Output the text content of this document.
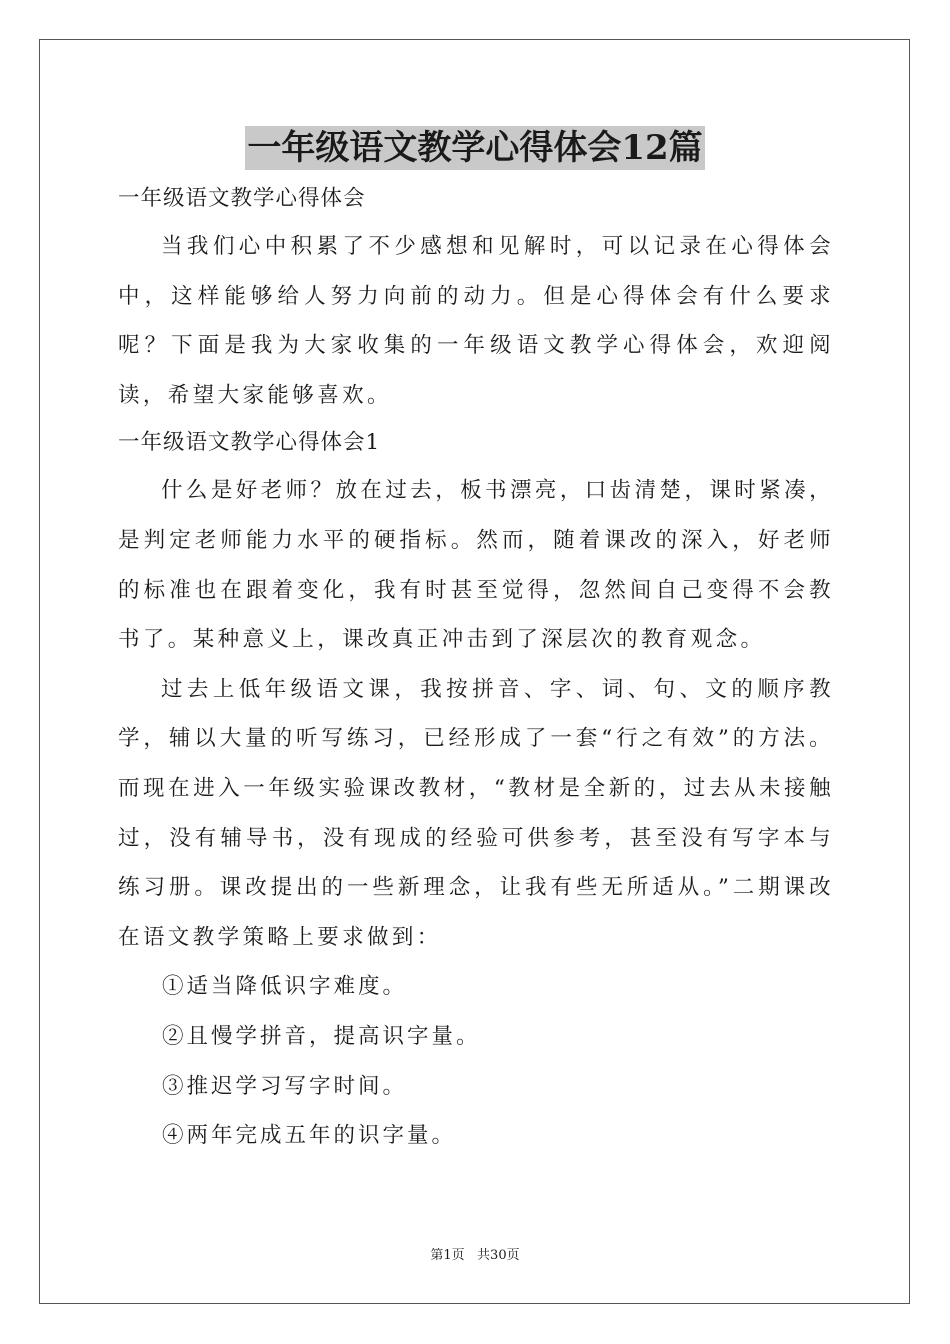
一年级语文教学心得体会12篇

一年级语文教学心得体会

当我们心中积累了不少感想和见解时，可以记录在心得体会中，这样能够给人努力向前的动力。但是心得体会有什么要求呢？下面是我为大家收集的一年级语文教学心得体会，欢迎阅读，希望大家能够喜欢。

一年级语文教学心得体会1

什么是好老师？放在过去，板书漂亮，口齿清楚，课时紧凑，是判定老师能力水平的硬指标。然而，随着课改的深入，好老师的标准也在跟着变化，我有时甚至觉得，忽然间自己变得不会教书了。某种意义上，课改真正冲击到了深层次的教育观念。

过去上低年级语文课，我按拼音、字、词、句、文的顺序教学，辅以大量的听写练习，已经形成了一套“行之有效”的方法。而现在进入一年级实验课改教材，“教材是全新的，过去从未接触过，没有辅导书，没有现成的经验可供参考，甚至没有写字本与练习册。课改提出的一些新理念，让我有些无所适从。”二期课改在语文教学策略上要求做到：

①适当降低识字难度。

②且慢学拼音，提高识字量。

③推迟学习写字时间。

④两年完成五年的识字量。

第1页   共30页
